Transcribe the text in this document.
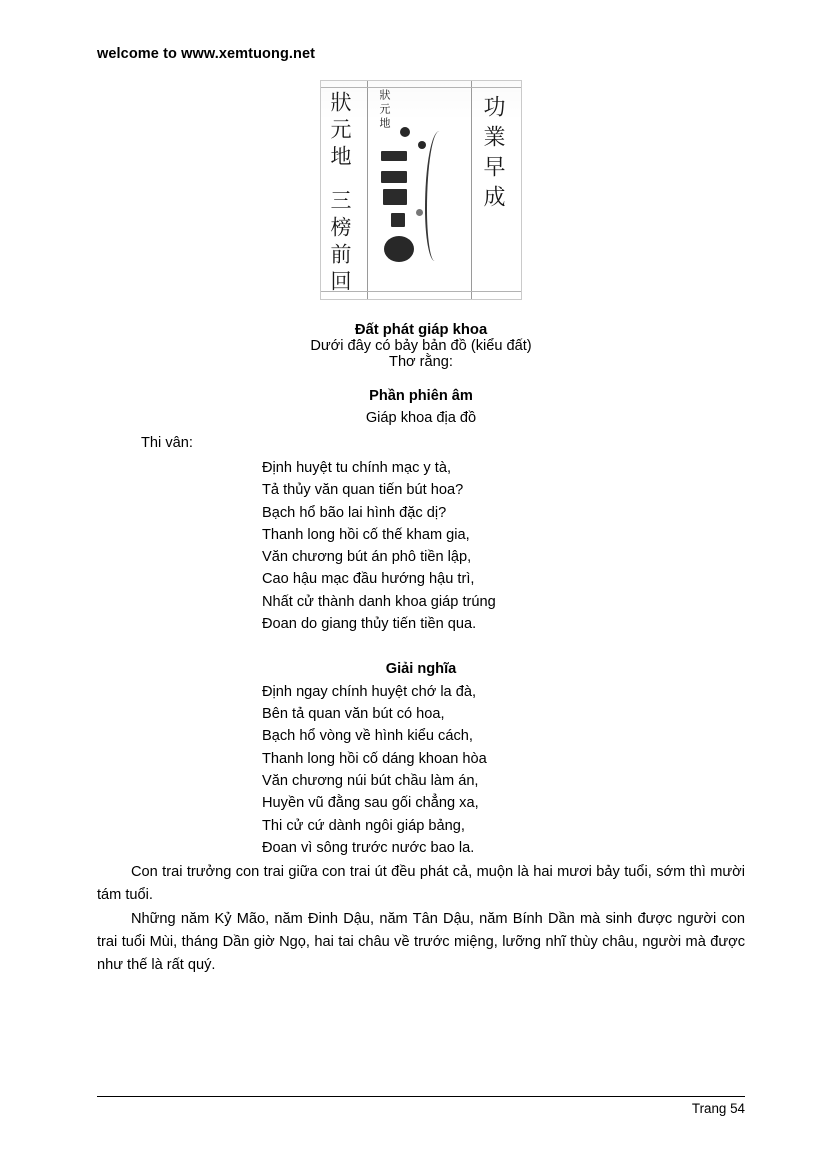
welcome to www.xemtuong.net
狀元地
三榜前回
狀元地	功業早成
Đất phát giáp khoa
Dưới đây có bảy bản đồ (kiểu đất)
Thơ rằng:
Phần phiên âm
Giáp khoa địa đồ
Thi vân:
Định huyệt tu chính mạc y tà,
Tả thủy văn quan tiến bút hoa?
Bạch hổ bão lai hình đặc dị?
Thanh long hồi cố thế kham gia,
Văn chương bút án phô tiền lập,
Cao hậu mạc đầu hướng hậu trì,
Nhất cử thành danh khoa giáp trúng
Đoan do giang thủy tiến tiền qua.
Giải nghĩa
Định ngay chính huyệt chớ la đà,
Bên tả quan văn bút có hoa,
Bạch hổ vòng về hình kiểu cách,
Thanh long hồi cố dáng khoan hòa
Văn chương núi bút chầu làm án,
Huyền vũ đằng sau gối chẳng xa,
Thi cử cứ dành ngôi giáp bảng,
Đoan vì sông trước nước bao la.
Con trai trưởng con trai giữa con trai út đều phát cả, muộn là hai mươi bảy tuổi, sớm thì mười tám tuổi.
Những năm Kỷ Mão, năm Đinh Dậu, năm Tân Dậu, năm Bính Dần mà sinh được người con trai tuổi Mùi, tháng Dần giờ Ngọ, hai tai châu về trước miệng, lưỡng nhĩ thùy châu, người mà được như thế là rất quý.
Trang 54
